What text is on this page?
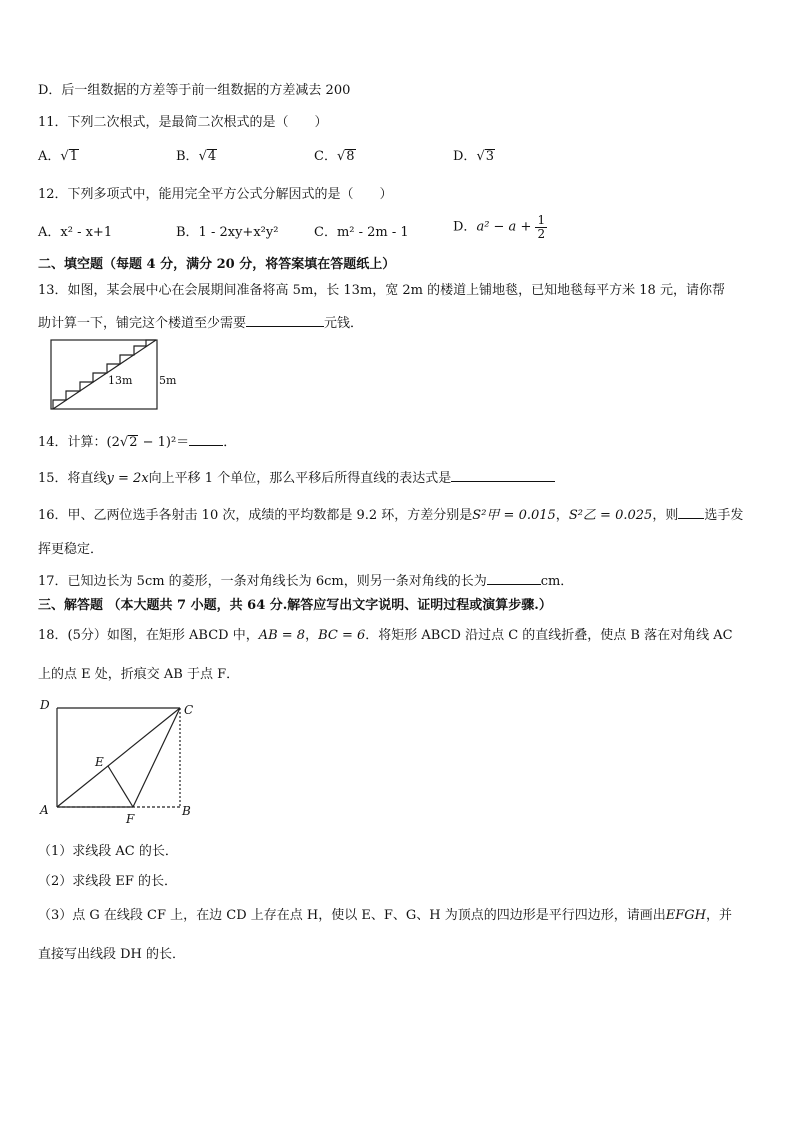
D．后一组数据的方差等于前一组数据的方差减去 200
11．下列二次根式，是最简二次根式的是（　　）
A．√1	B．√4	C．√8	D．√3
12．下列多项式中，能用完全平方公式分解因式的是（　　）
A．x² - x+1	B．1 - 2xy+x²y²	C．m² - 2m - 1	D．$a^2 - a + \frac{1}{2}$
二、填空题（每题 4 分，满分 20 分，将答案填在答题纸上）
13．如图，某会展中心在会展期间准备将高 5m，长 13m，宽 2m 的楼道上铺地毯，已知地毯每平方米 18 元，请你帮
助计算一下，铺完这个楼道至少需要	元钱．
13m 5m
14．计算：(2√2 − 1)²＝	．
15．将直线y = 2x向上平移 1 个单位，那么平移后所得直线的表达式是
16．甲、乙两位选手各射击 10 次，成绩的平均数都是 9.2 环，方差分别是S²甲 = 0.015，S²乙 = 0.025，则 选手发
挥更稳定．
17．已知边长为 5cm 的菱形，一条对角线长为 6cm，则另一条对角线的长为	cm．
三、解答题 （本大题共 7 小题，共 64 分.解答应写出文字说明、证明过程或演算步骤.）
18．(5分）如图，在矩形 ABCD 中，AB = 8，BC = 6．将矩形 ABCD 沿过点 C 的直线折叠，使点 B 落在对角线 AC
上的点 E 处，折痕交 AB 于点 F．
D	C
E
A	B
F
（1）求线段 AC 的长．
（2）求线段 EF 的长．
（3）点 G 在线段 CF 上，在边 CD 上存在点 H，使以 E、F、G、H 为顶点的四边形是平行四边形，请画出EFGH，并
直接写出线段 DH 的长．
